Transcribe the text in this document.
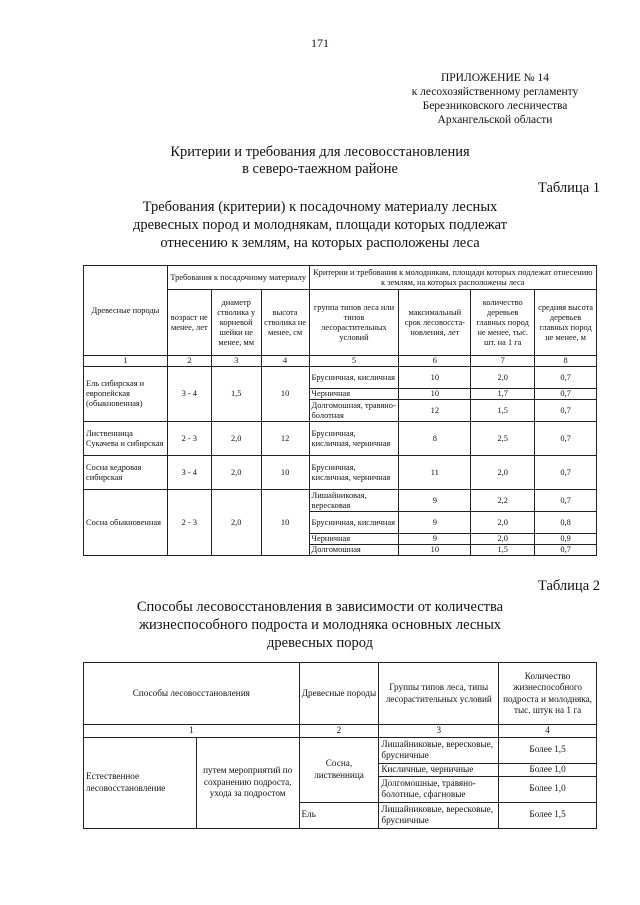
171
ПРИЛОЖЕНИЕ № 14
к лесохозяйственному регламенту
Березниковского лесничества
Архангельской области
Критерии и требования для лесовосстановления
в северо-таежном районе
Таблица 1
Требования (критерии) к посадочному материалу лесных
древесных пород и молоднякам, площади которых подлежат
отнесению к землям, на которых расположены леса
Древесные породы	Требования к посадочному материалу			Критерии и требования к молоднякам, площади которых подлежат отнесению к землям, на которых расположены леса			
	возраст не менее, лет	диаметр стволика у корневой шейки не менее, мм	высота стволика не менее, см	группа типов леса или типов лесорастительных условий	максимальный срок лесовосста-новления, лет	количество деревьев главных пород не менее, тыс. шт. на 1 га	средняя высота деревьев главных пород не менее, м
1	2	3	4	5	6	7	8
Ель сибирская и европейская (обыкновенная)	3 - 4	1,5	10	Брусничная, кисличная	10	2,0	0,7
				Черничная	10	1,7	0,7
				Долгомошная, травяно-болотная	12	1,5	0,7
Лиственница Сукачева и сибирская	2 - 3	2,0	12	Брусничная, кисличная, черничная	8	2,5	0,7
Сосна кедровая сибирская	3 - 4	2,0	10	Брусничная, кисличная, черничная	11	2,0	0,7
Сосна обыкновенная	2 - 3	2,0	10	Лишайниковая, вересковая	9	2,2	0,7
				Брусничная, кисличная	9	2,0	0,8
				Черничная	9	2,0	0,9
				Долгомошная	10	1,5	0,7
Таблица 2
Способы лесовосстановления в зависимости от количества
жизнеспособного подроста и молодняка основных лесных
древесных пород
Способы лесовосстановления		Древесные породы	Группы типов леса, типы лесорастительных условий	Количество жизнеспособного подроста и молодняка, тыс. штук на 1 га
1		2	3	4
Естественное лесовосстановление	путем мероприятий по сохранению подроста, ухода за подростом	Сосна, лиственница	Лишайниковые, вересковые, брусничные	Более 1,5
			Кисличные, черничные	Более 1,0
			Долгомошные, травяно-болотные, сфагновые	Более 1,0
		Ель	Лишайниковые, вересковые, брусничные	Более 1,5
